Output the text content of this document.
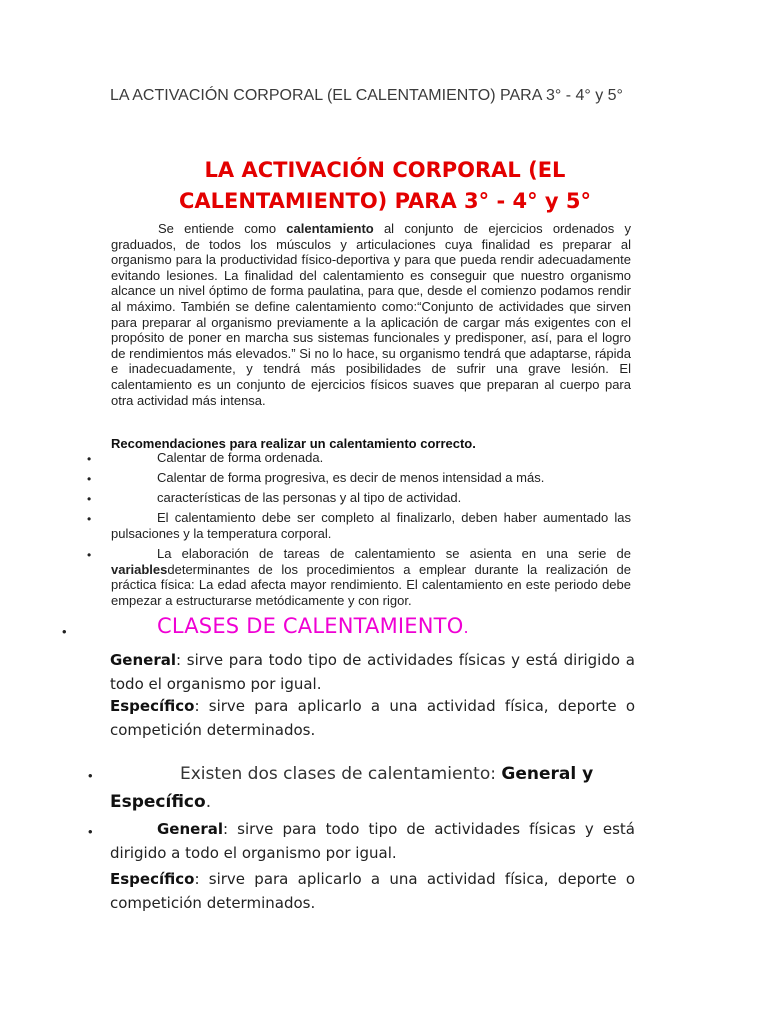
LA ACTIVACIÓN CORPORAL (EL CALENTAMIENTO) PARA 3° - 4° y 5°
LA ACTIVACIÓN CORPORAL (EL
CALENTAMIENTO) PARA 3° - 4° y 5°
Se entiende como calentamiento al conjunto de ejercicios ordenados y graduados, de todos los músculos y articulaciones cuya finalidad es preparar al organismo para la productividad físico-deportiva y para que pueda rendir adecuadamente evitando lesiones. La finalidad del calentamiento es conseguir que nuestro organismo alcance un nivel óptimo de forma paulatina, para que, desde el comienzo podamos rendir al máximo. También se define calentamiento como:“Conjunto de actividades que sirven para preparar al organismo previamente a la aplicación de cargar más exigentes con el propósito de poner en marcha sus sistemas funcionales y predisponer, así, para el logro de rendimientos más elevados.” Si no lo hace, su organismo tendrá que adaptarse, rápida e inadecuadamente, y tendrá más posibilidades de sufrir una grave lesión. El calentamiento es un conjunto de ejercicios físicos suaves que preparan al cuerpo para otra actividad más intensa.
Recomendaciones para realizar un calentamiento correcto.
•	Calentar de forma ordenada.
•	Calentar de forma progresiva, es decir de menos intensidad a más.
•	características de las personas y al tipo de actividad.
•	El calentamiento debe ser completo al finalizarlo, deben haber aumentado las pulsaciones y la temperatura corporal.
•	La elaboración de tareas de calentamiento se asienta en una serie de variablesdeterminantes de los procedimientos a emplear durante la realización de práctica física: La edad afecta mayor rendimiento. El calentamiento en este periodo debe empezar a estructurarse metódicamente y con rigor.
•	CLASES DE CALENTAMIENTO.
General: sirve para todo tipo de actividades físicas y está dirigido a todo el organismo por igual.
Específico: sirve para aplicarlo a una actividad física, deporte o competición determinados.
•	Existen dos clases de calentamiento: General y
Específico.
•	General: sirve para todo tipo de actividades físicas y está dirigido a todo el organismo por igual.
Específico: sirve para aplicarlo a una actividad física, deporte o competición determinados.
